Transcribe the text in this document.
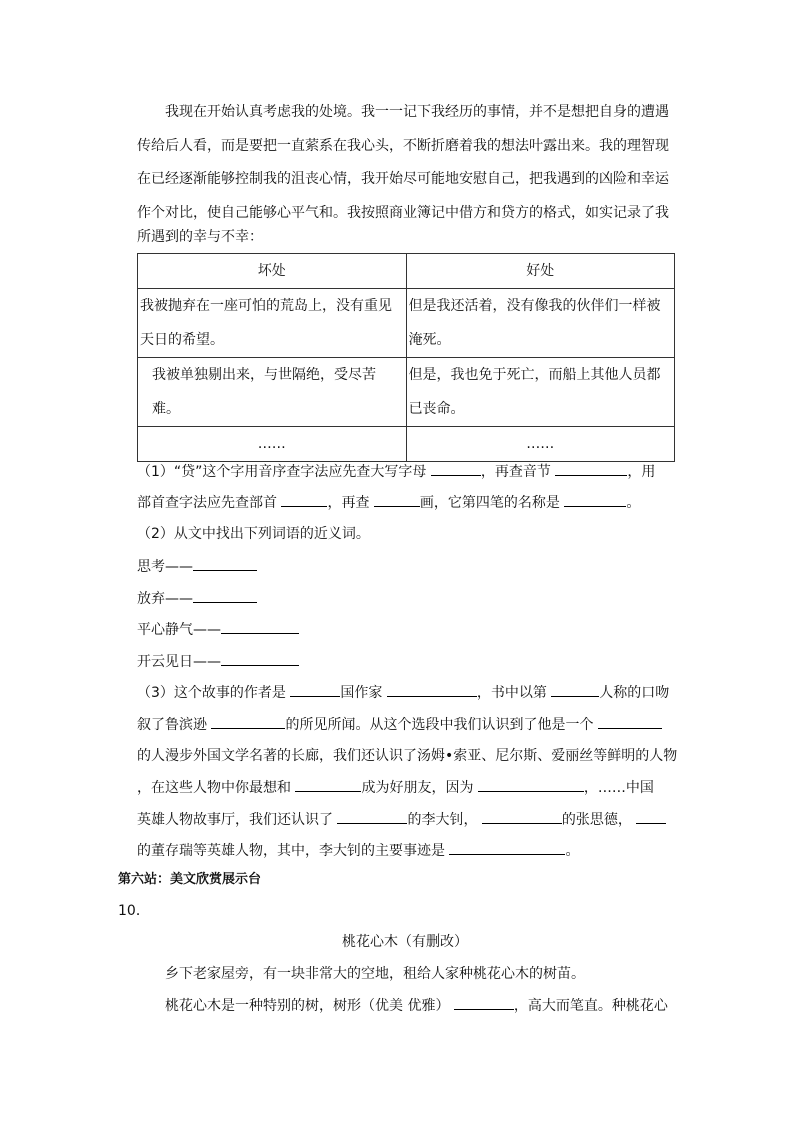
我现在开始认真考虑我的处境。我一一记下我经历的事情，并不是想把自身的遭遇
传给后人看，而是要把一直萦系在我心头，不断折磨着我的想法叶露出来。我的理智现
在已经逐渐能够控制我的沮丧心情，我开始尽可能地安慰自己，把我遇到的凶险和幸运
作个对比，使自己能够心平气和。我按照商业簿记中借方和贷方的格式，如实记录了我
所遇到的幸与不幸：
坏处	好处
我被抛弃在一座可怕的荒岛上，没有重见天日的希望。	但是我还活着，没有像我的伙伴们一样被淹死。
我被单独剔出来，与世隔绝，受尽苦难。	但是，我也免于死亡，而船上其他人员都已丧命。
……	……
（1）“贷”这个字用音序查字法应先查大写字母	，再查音节	，用
部首查字法应先查部首	，再查	画，它第四笔的名称是	。
（2）从文中找出下列词语的近义词。
思考——
放弃——
平心静气——
开云见日——
（3）这个故事的作者是	国作家	，书中以第	人称的口吻
叙了鲁滨逊	的所见所闻。从这个选段中我们认识到了他是一个
的人漫步外国文学名著的长廊，我们还认识了汤姆•索亚、尼尔斯、爱丽丝等鲜明的人物
，在这些人物中你最想和	成为好朋友，因为	，……中国
英雄人物故事厅，我们还认识了	的李大钊，	的张思德，
的董存瑞等英雄人物，其中，李大钊的主要事迹是	。
第六站：美文欣赏展示台
10．
桃花心木（有删改）
乡下老家屋旁，有一块非常大的空地，租给人家种桃花心木的树苗。
桃花心木是一种特别的树，树形（优美 优雅）	，高大而笔直。种桃花心
